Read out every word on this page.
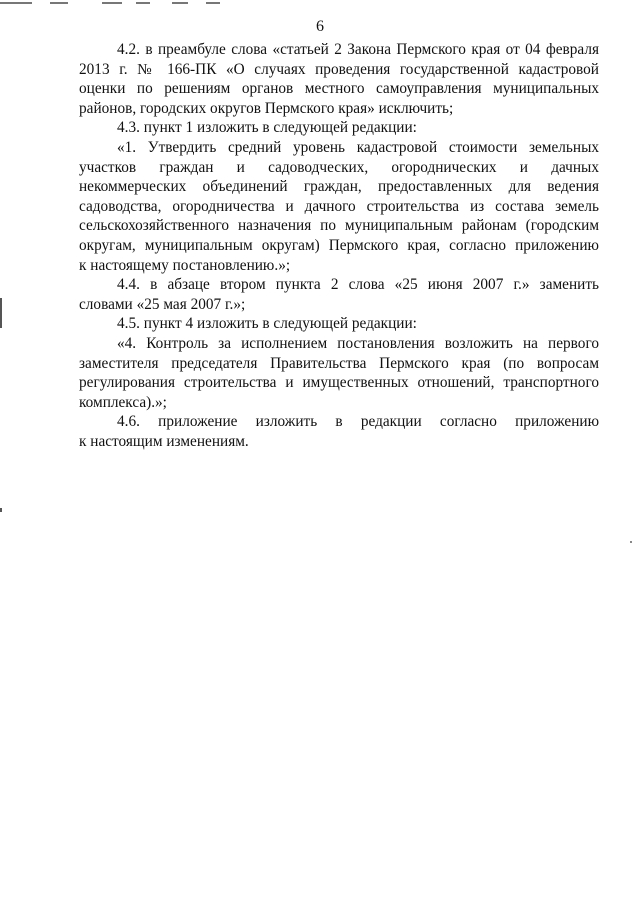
6

4.2. в преамбуле слова «статьей 2 Закона Пермского края от 04 февраля
2013 г. № 166-ПК «О случаях проведения государственной кадастровой
оценки по решениям органов местного самоуправления муниципальных
районов, городских округов Пермского края» исключить;

4.3. пункт 1 изложить в следующей редакции:

«1. Утвердить средний уровень кадастровой стоимости земельных
участков граждан и садоводческих, огороднических и дачных
некоммерческих объединений граждан, предоставленных для ведения
садоводства, огородничества и дачного строительства из состава земель
сельскохозяйственного назначения по муниципальным районам (городским
округам, муниципальным округам) Пермского края, согласно приложению
к настоящему постановлению.»;

4.4. в абзаце втором пункта 2 слова «25 июня 2007 г.» заменить
словами «25 мая 2007 г.»;

4.5. пункт 4 изложить в следующей редакции:

«4. Контроль за исполнением постановления возложить на первого
заместителя председателя Правительства Пермского края (по вопросам
регулирования строительства и имущественных отношений, транспортного
комплекса).»;

4.6. приложение изложить в редакции согласно приложению
к настоящим изменениям.
